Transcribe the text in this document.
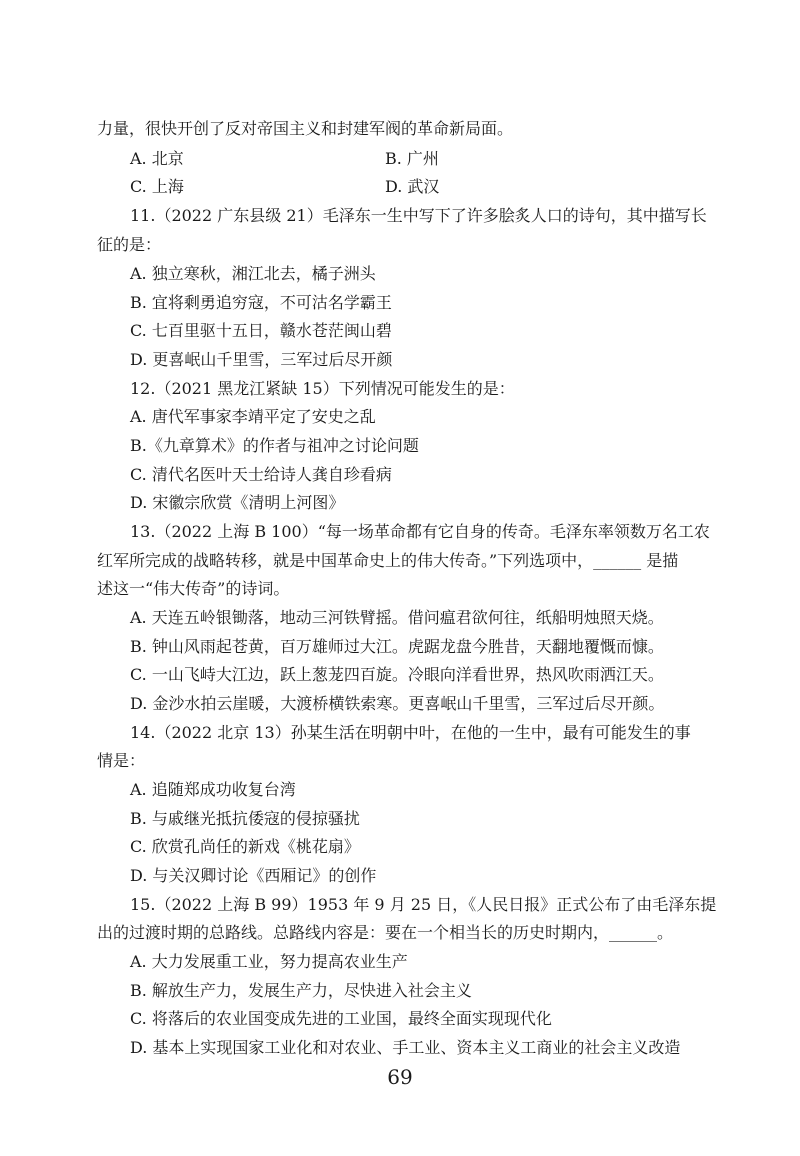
力量，很快开创了反对帝国主义和封建军阀的革命新局面。
A. 北京	B. 广州
C. 上海	D. 武汉
11.（2022 广东县级 21）毛泽东一生中写下了许多脍炙人口的诗句，其中描写长
征的是：
A. 独立寒秋，湘江北去，橘子洲头
B. 宜将剩勇追穷寇，不可沽名学霸王
C. 七百里驱十五日，赣水苍茫闽山碧
D. 更喜岷山千里雪，三军过后尽开颜
12.（2021 黑龙江紧缺 15）下列情况可能发生的是：
A. 唐代军事家李靖平定了安史之乱
B.《九章算术》的作者与祖冲之讨论问题
C. 清代名医叶天士给诗人龚自珍看病
D. 宋徽宗欣赏《清明上河图》
13.（2022 上海 B 100）“每一场革命都有它自身的传奇。毛泽东率领数万名工农
红军所完成的战略转移，就是中国革命史上的伟大传奇。”下列选项中，______ 是描
述这一“伟大传奇”的诗词。
A. 天连五岭银锄落，地动三河铁臂摇。借问瘟君欲何往，纸船明烛照天烧。
B. 钟山风雨起苍黄，百万雄师过大江。虎踞龙盘今胜昔，天翻地覆慨而慷。
C. 一山飞峙大江边，跃上葱茏四百旋。冷眼向洋看世界，热风吹雨洒江天。
D. 金沙水拍云崖暖，大渡桥横铁索寒。更喜岷山千里雪，三军过后尽开颜。
14.（2022 北京 13）孙某生活在明朝中叶，在他的一生中，最有可能发生的事
情是：
A. 追随郑成功收复台湾
B. 与戚继光抵抗倭寇的侵掠骚扰
C. 欣赏孔尚任的新戏《桃花扇》
D. 与关汉卿讨论《西厢记》的创作
15.（2022 上海 B 99）1953 年 9 月 25 日，《人民日报》正式公布了由毛泽东提
出的过渡时期的总路线。总路线内容是：要在一个相当长的历史时期内，______。
A. 大力发展重工业，努力提高农业生产
B. 解放生产力，发展生产力，尽快进入社会主义
C. 将落后的农业国变成先进的工业国，最终全面实现现代化
D. 基本上实现国家工业化和对农业、手工业、资本主义工商业的社会主义改造
69
